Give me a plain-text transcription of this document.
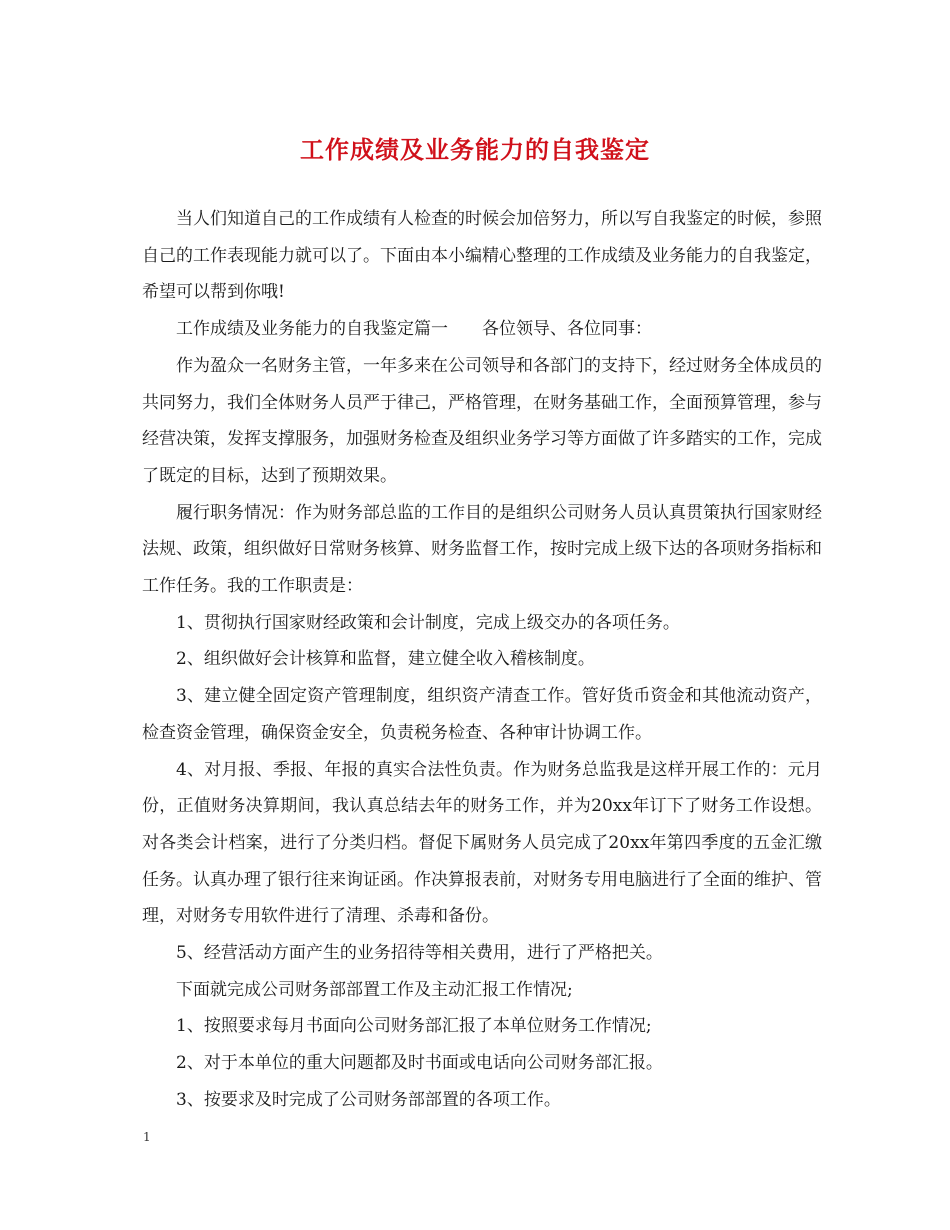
工作成绩及业务能力的自我鉴定

当人们知道自己的工作成绩有人检查的时候会加倍努力，所以写自我鉴定的时候，参照自己的工作表现能力就可以了。下面由本小编精心整理的工作成绩及业务能力的自我鉴定，希望可以帮到你哦!

工作成绩及业务能力的自我鉴定篇一　　各位领导、各位同事：

作为盈众一名财务主管，一年多来在公司领导和各部门的支持下，经过财务全体成员的共同努力，我们全体财务人员严于律己，严格管理，在财务基础工作，全面预算管理，参与经营决策，发挥支撑服务，加强财务检查及组织业务学习等方面做了许多踏实的工作，完成了既定的目标，达到了预期效果。

履行职务情况：作为财务部总监的工作目的是组织公司财务人员认真贯策执行国家财经法规、政策，组织做好日常财务核算、财务监督工作，按时完成上级下达的各项财务指标和工作任务。我的工作职责是：

1、贯彻执行国家财经政策和会计制度，完成上级交办的各项任务。

2、组织做好会计核算和监督，建立健全收入稽核制度。

3、建立健全固定资产管理制度，组织资产清查工作。管好货币资金和其他流动资产，检查资金管理，确保资金安全，负责税务检查、各种审计协调工作。

4、对月报、季报、年报的真实合法性负责。作为财务总监我是这样开展工作的：元月份，正值财务决算期间，我认真总结去年的财务工作，并为20xx年订下了财务工作设想。对各类会计档案，进行了分类归档。督促下属财务人员完成了20xx年第四季度的五金汇缴任务。认真办理了银行往来询证函。作决算报表前，对财务专用电脑进行了全面的维护、管理，对财务专用软件进行了清理、杀毒和备份。

5、经营活动方面产生的业务招待等相关费用，进行了严格把关。

下面就完成公司财务部部置工作及主动汇报工作情况;

1、按照要求每月书面向公司财务部汇报了本单位财务工作情况;

2、对于本单位的重大问题都及时书面或电话向公司财务部汇报。

3、按要求及时完成了公司财务部部置的各项工作。

1
